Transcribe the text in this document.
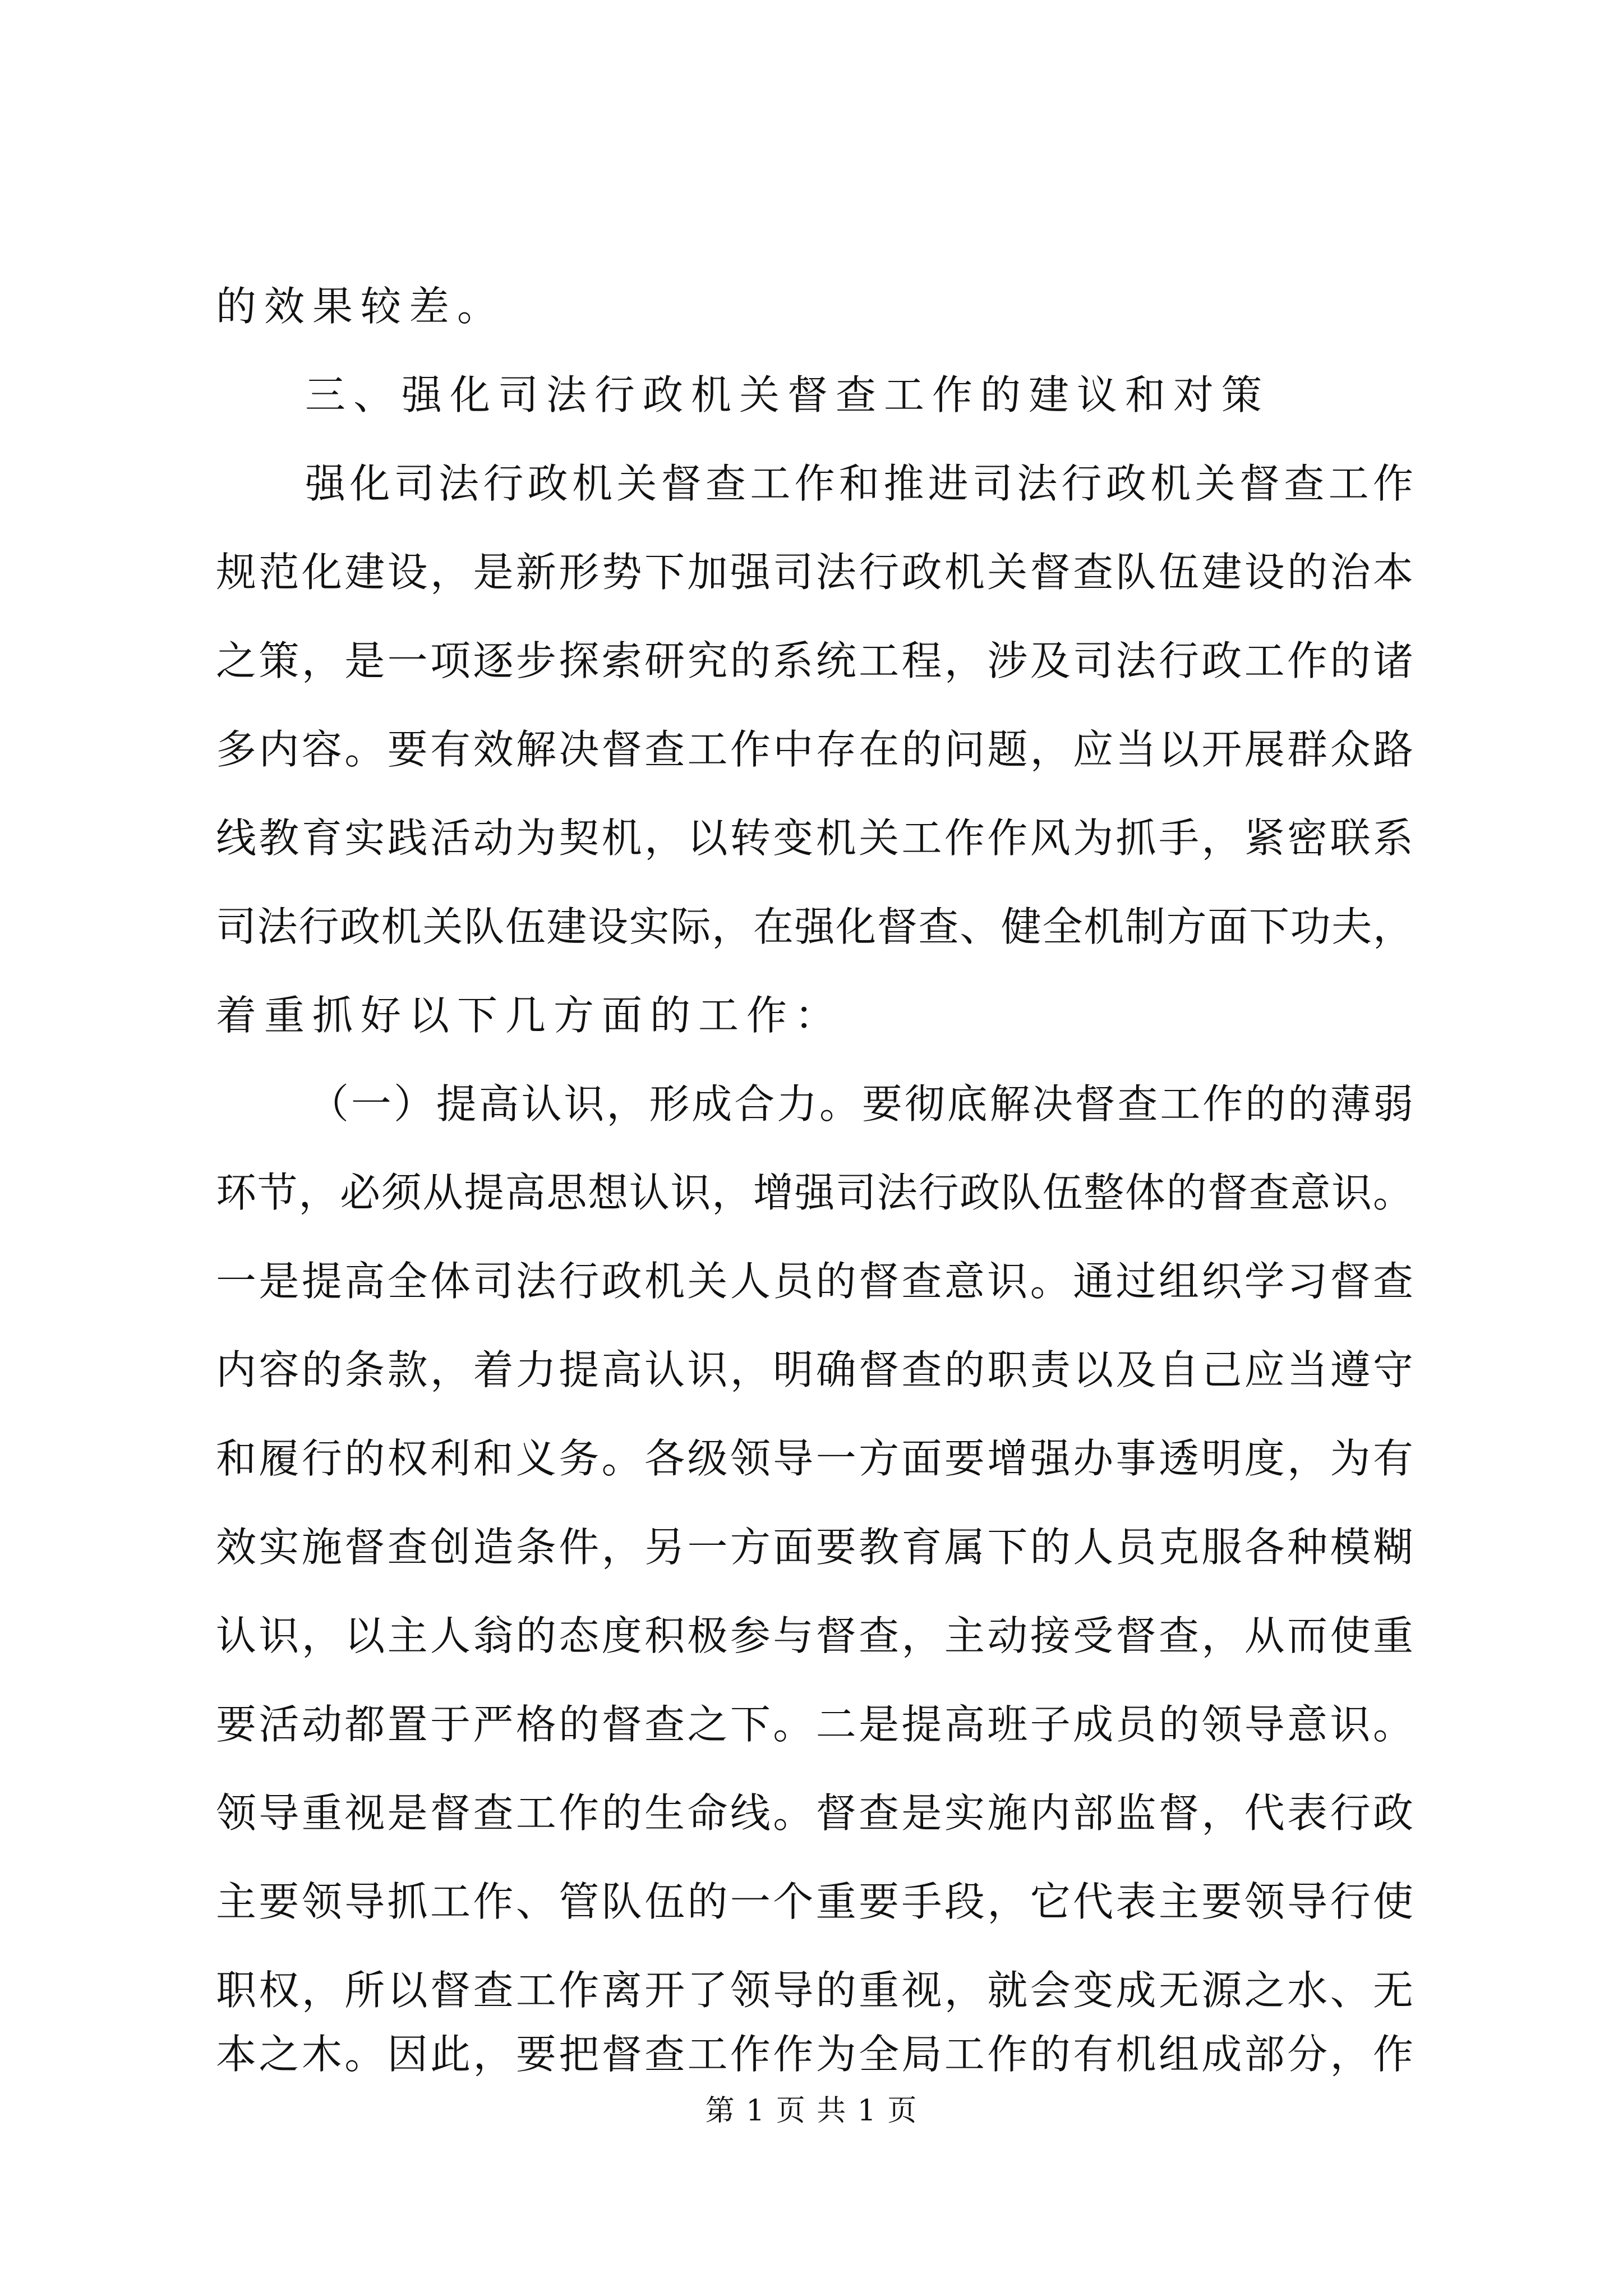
的效果较差。
三、强化司法行政机关督查工作的建议和对策
强化司法行政机关督查工作和推进司法行政机关督查工作
规范化建设，是新形势下加强司法行政机关督查队伍建设的治本
之策，是一项逐步探索研究的系统工程，涉及司法行政工作的诸
多内容。要有效解决督查工作中存在的问题，应当以开展群众路
线教育实践活动为契机，以转变机关工作作风为抓手，紧密联系
司法行政机关队伍建设实际，在强化督查、健全机制方面下功夫，
着重抓好以下几方面的工作：
（一）提高认识，形成合力。要彻底解决督查工作的的薄弱
环节，必须从提高思想认识，增强司法行政队伍整体的督查意识。
一是提高全体司法行政机关人员的督查意识。通过组织学习督查
内容的条款，着力提高认识，明确督查的职责以及自己应当遵守
和履行的权利和义务。各级领导一方面要增强办事透明度，为有
效实施督查创造条件，另一方面要教育属下的人员克服各种模糊
认识，以主人翁的态度积极参与督查，主动接受督查，从而使重
要活动都置于严格的督查之下。二是提高班子成员的领导意识。
领导重视是督查工作的生命线。督查是实施内部监督，代表行政
主要领导抓工作、管队伍的一个重要手段，它代表主要领导行使
职权，所以督查工作离开了领导的重视，就会变成无源之水、无
本之木。因此，要把督查工作作为全局工作的有机组成部分，作
第 1 页 共 1 页
